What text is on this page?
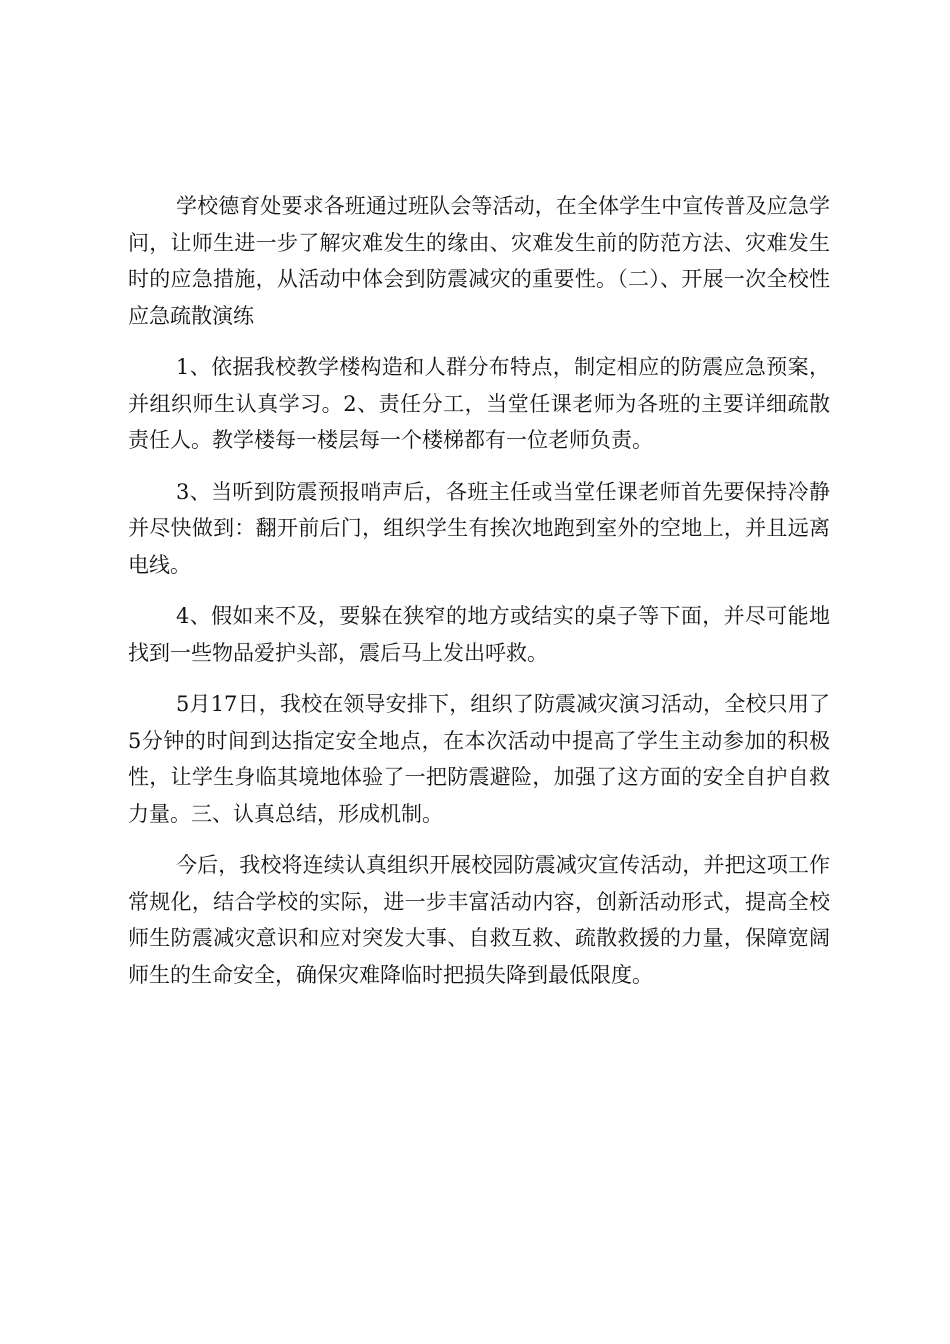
学校德育处要求各班通过班队会等活动，在全体学生中宣传普及应急学问，让师生进一步了解灾难发生的缘由、灾难发生前的防范方法、灾难发生时的应急措施，从活动中体会到防震减灾的重要性。（二）、开展一次全校性应急疏散演练

1、依据我校教学楼构造和人群分布特点，制定相应的防震应急预案，并组织师生认真学习。2、责任分工，当堂任课老师为各班的主要详细疏散责任人。教学楼每一楼层每一个楼梯都有一位老师负责。

3、当听到防震预报哨声后，各班主任或当堂任课老师首先要保持冷静并尽快做到：翻开前后门，组织学生有挨次地跑到室外的空地上，并且远离电线。

4、假如来不及，要躲在狭窄的地方或结实的桌子等下面，并尽可能地找到一些物品爱护头部，震后马上发出呼救。

5月17日，我校在领导安排下，组织了防震减灾演习活动，全校只用了5分钟的时间到达指定安全地点，在本次活动中提高了学生主动参加的积极性，让学生身临其境地体验了一把防震避险，加强了这方面的安全自护自救力量。三、认真总结，形成机制。

今后，我校将连续认真组织开展校园防震减灾宣传活动，并把这项工作常规化，结合学校的实际，进一步丰富活动内容，创新活动形式，提高全校师生防震减灾意识和应对突发大事、自救互救、疏散救援的力量，保障宽阔师生的生命安全，确保灾难降临时把损失降到最低限度。
